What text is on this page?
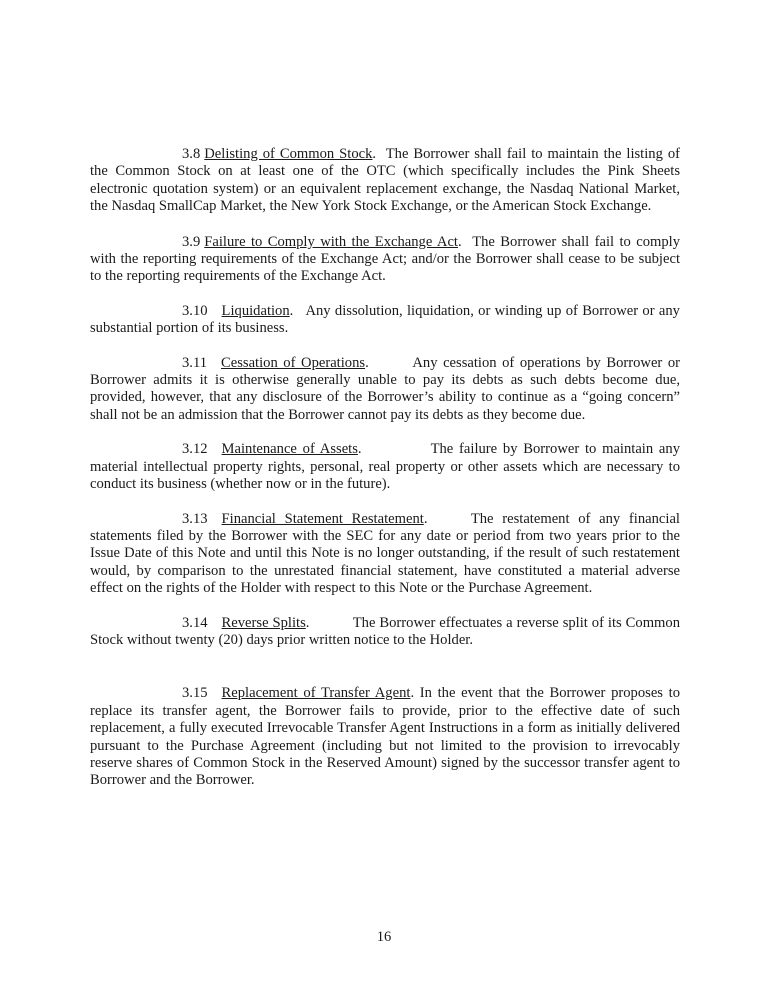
3.8 Delisting of Common Stock.  The Borrower shall fail to maintain the listing of the Common Stock on at least one of the OTC (which specifically includes the Pink Sheets electronic quotation system) or an equivalent replacement exchange, the Nasdaq National Market, the Nasdaq SmallCap Market, the New York Stock Exchange, or the American Stock Exchange.

3.9 Failure to Comply with the Exchange Act.  The Borrower shall fail to comply with the reporting requirements of the Exchange Act; and/or the Borrower shall cease to be subject to the reporting requirements of the Exchange Act.

3.10 Liquidation.   Any dissolution, liquidation, or winding up of Borrower or any substantial portion of its business.

3.11 Cessation of Operations.        Any cessation of operations by Borrower or Borrower admits it is otherwise generally unable to pay its debts as such debts become due, provided, however, that any disclosure of the Borrower’s ability to continue as a “going concern” shall not be an admission that the Borrower cannot pay its debts as they become due.

3.12 Maintenance of Assets.            The failure by Borrower to maintain any material intellectual property rights, personal, real property or other assets which are necessary to conduct its business (whether now or in the future).

3.13 Financial Statement Restatement.     The restatement of any financial statements filed by the Borrower with the SEC for any date or period from two years prior to the Issue Date of this Note and until this Note is no longer outstanding, if the result of such restatement would, by comparison to the unrestated financial statement, have constituted a material adverse effect on the rights of the Holder with respect to this Note or the Purchase Agreement.

3.14 Reverse Splits.           The Borrower effectuates a reverse split of its Common Stock without twenty (20) days prior written notice to the Holder.

3.15 Replacement of Transfer Agent. In the event that the Borrower proposes to replace its transfer agent, the Borrower fails to provide, prior to the effective date of such replacement, a fully executed Irrevocable Transfer Agent Instructions in a form as initially delivered pursuant to the Purchase Agreement (including but not limited to the provision to irrevocably reserve shares of Common Stock in the Reserved Amount) signed by the successor transfer agent to Borrower and the Borrower.

16
